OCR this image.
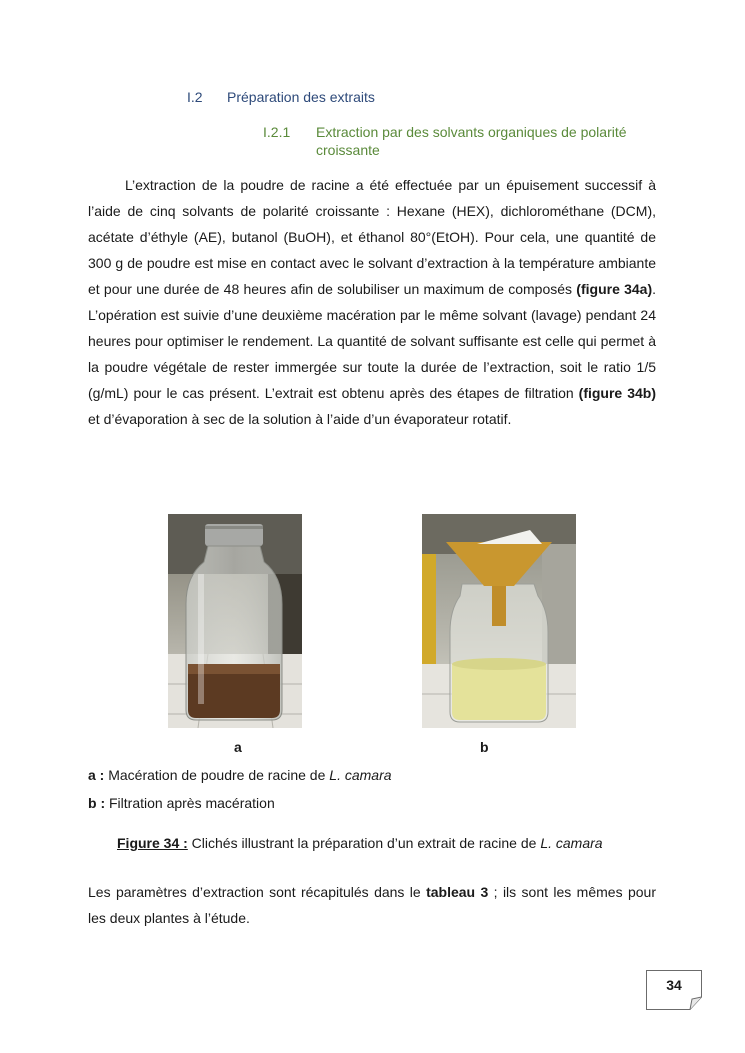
I.2 Préparation des extraits
I.2.1 Extraction par des solvants organiques de polarité croissante

L’extraction de la poudre de racine a été effectuée par un épuisement successif à l’aide de cinq solvants de polarité croissante : Hexane (HEX), dichlorométhane (DCM), acétate d’éthyle (AE), butanol (BuOH), et éthanol 80°(EtOH). Pour cela, une quantité de 300 g de poudre est mise en contact avec le solvant d’extraction à la température ambiante et pour une durée de 48 heures afin de solubiliser un maximum de composés (figure 34a). L’opération est suivie d’une deuxième macération par le même solvant (lavage) pendant 24 heures pour optimiser le rendement. La quantité de solvant suffisante est celle qui permet à la poudre végétale de rester immergée sur toute la durée de l’extraction, soit le ratio 1/5 (g/mL) pour le cas présent. L’extrait est obtenu après des étapes de filtration (figure 34b) et d’évaporation à sec de la solution à l’aide d’un évaporateur rotatif.

a	b
a : Macération de poudre de racine de L. camara
b : Filtration après macération
Figure 34 : Clichés illustrant la préparation d’un extrait de racine de L. camara

Les paramètres d’extraction sont récapitulés dans le tableau 3 ; ils sont les mêmes pour les deux plantes à l’étude.

34
